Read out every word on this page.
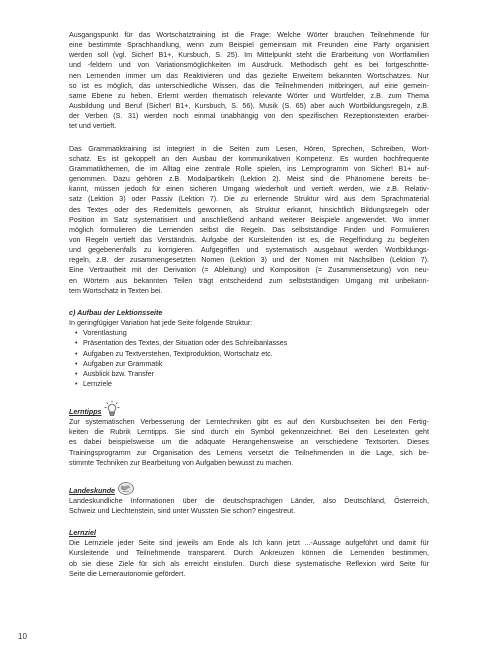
Ausgangspunkt für das Wortschatztraining ist die Frage: Welche Wörter brauchen Teilnehmende für
eine bestimmte Sprachhandlung, wenn zum Beispiel gemeinsam mit Freunden eine Party organisiert
werden soll (vgl. Sicher! B1+, Kursbuch, S. 25). Im Mittelpunkt steht die Erarbeitung von Wortfamilien
und -feldern und von Variationsmöglichkeiten im Ausdruck. Methodisch geht es bei fortgeschritte-
nen Lernenden immer um das Reaktivieren und das gezielte Erweitern bekannten Wortschatzes. Nur
so ist es möglich, das unterschiedliche Wissen, das die Teilnehmenden mitbringen, auf eine gemein-
same Ebene zu heben. Erlernt werden thematisch relevante Wörter und Wortfelder, z.B. zum Thema
Ausbildung und Beruf (Sicher! B1+, Kursbuch, S. 56), Musik (S. 65) aber auch Wortbildungsregeln, z.B.
der Verben (S. 31) werden noch einmal unabhängig von den spezifischen Rezeptionstexten erarbei-
tet und vertieft.
Das Grammatiktraining ist integriert in die Seiten zum Lesen, Hören, Sprechen, Schreiben, Wort-
schatz. Es ist gekoppelt an den Ausbau der kommunikativen Kompetenz. Es wurden hochfrequente
Grammatikthemen, die im Alltag eine zentrale Rolle spielen, ins Lernprogramm von Sicher! B1+ auf-
genommen. Dazu gehören z.B. Modalpartikeln (Lektion 2). Meist sind die Phänomene bereits be-
kannt, müssen jedoch für einen sicheren Umgang wiederholt und vertieft werden, wie z.B. Relativ-
satz (Lektion 3) oder Passiv (Lektion 7). Die zu erlernende Struktur wird aus dem Sprachmaterial
des Textes oder des Redemittels gewonnen, als Struktur erkannt, hinsichtlich Bildungsregeln oder
Position im Satz systematisiert und anschließend anhand weiterer Beispiele angewendet. Wo immer
möglich formulieren die Lernenden selbst die Regeln. Das selbstständige Finden und Formulieren
von Regeln vertieft das Verständnis. Aufgabe der Kursleitenden ist es, die Regelfindung zu begleiten
und gegebenenfalls zu korrigieren. Aufgegriffen und systematisch ausgebaut werden Wortbildungs-
regeln, z.B. der zusammengesetzten Nomen (Lektion 3) und der Nomen mit Nachsilben (Lektion 7).
Eine Vertrautheit mit der Derivation (= Ableitung) und Komposition (= Zusammensetzung) von neu-
en Wörtern aus bekannten Teilen trägt entscheidend zum selbstständigen Umgang mit unbekann-
tem Wortschatz in Texten bei.

c) Aufbau der Lektionsseite

In geringfügiger Variation hat jede Seite folgende Struktur:
• Vorentlastung
• Präsentation des Textes, der Situation oder des Schreibanlasses
• Aufgaben zu Textverstehen, Textproduktion, Wortschatz etc.
• Aufgaben zur Grammatik
• Ausblick bzw. Transfer
• Lernziele
Lerntipps
Zur systematischen Verbesserung der Lerntechniken gibt es auf den Kursbuchseiten bei den Fertig-
keiten die Rubrik Lerntipps. Sie sind durch ein Symbol gekennzeichnet. Bei den Lesetexten geht
es dabei beispielsweise um die adäquate Herangehensweise an verschiedene Textsorten. Dieses
Trainingsprogramm zur Organisation des Lernens versetzt die Teilnehmenden in die Lage, sich be-
stimmte Techniken zur Bearbeitung von Aufgaben bewusst zu machen.
Landeskunde
Landeskundliche Informationen über die deutschsprachigen Länder, also Deutschland, Österreich,
Schweiz und Liechtenstein, sind unter Wussten Sie schon? eingestreut.
Lernziel
Die Lernziele jeder Seite sind jeweils am Ende als Ich kann jetzt ...-Aussage aufgeführt und damit für
Kursleitende und Teilnehmende transparent. Durch Ankreuzen können die Lernenden bestimmen,
ob sie diese Ziele für sich als erreicht einstufen. Durch diese systematische Reflexion wird Seite für
Seite die Lernerautonomie gefördert.
10
